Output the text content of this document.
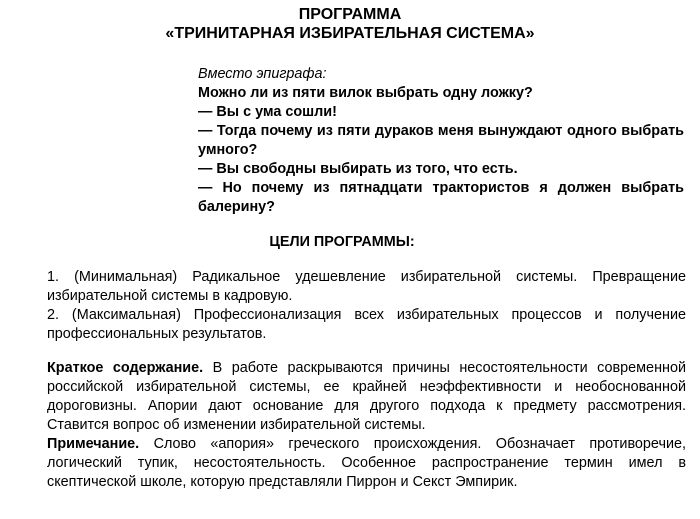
ПРОГРАММА
«ТРИНИТАРНАЯ ИЗБИРАТЕЛЬНАЯ СИСТЕМА»
Вместо эпиграфа:
Можно ли из пяти вилок выбрать одну ложку?
— Вы с ума сошли!
— Тогда почему из пяти дураков меня вынуждают одного выбрать умного?
— Вы свободны выбирать из того, что есть.
— Но почему из пятнадцати трактористов я должен выбрать балерину?
ЦЕЛИ ПРОГРАММЫ:
1. (Минимальная) Радикальное удешевление избирательной системы. Превращение избирательной системы в кадровую.
2. (Максимальная) Профессионализация всех избирательных процессов и получение профессиональных результатов.

Краткое содержание. В работе раскрываются причины несостоятельности современной российской избирательной системы, ее крайней неэффективности и необоснованной дороговизны. Апории дают основание для другого подхода к предмету рассмотрения. Ставится вопрос об изменении избирательной системы.

Примечание. Слово «апория» греческого происхождения. Обозначает противоречие, логический тупик, несостоятельность. Особенное распространение термин имел в скептической школе, которую представляли Пиррон и Секст Эмпирик.
